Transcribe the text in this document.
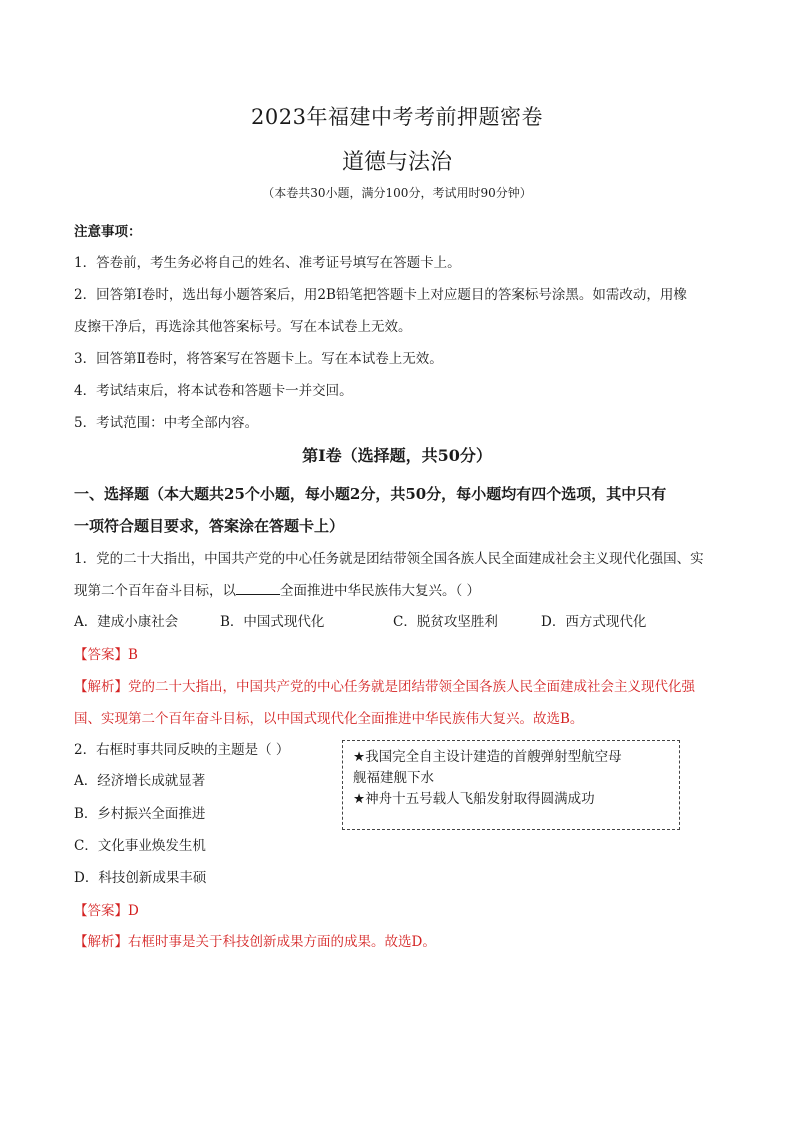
2023年福建中考考前押题密卷
道德与法治
（本卷共30小题，满分100分，考试用时90分钟）
注意事项：
1．答卷前，考生务必将自己的姓名、准考证号填写在答题卡上。
2．回答第Ⅰ卷时，选出每小题答案后，用2B铅笔把答题卡上对应题目的答案标号涂黑。如需改动，用橡
皮擦干净后，再选涂其他答案标号。写在本试卷上无效。
3．回答第Ⅱ卷时，将答案写在答题卡上。写在本试卷上无效。
4．考试结束后，将本试卷和答题卡一并交回。
5．考试范围：中考全部内容。
第Ⅰ卷（选择题，共50分）
一、选择题（本大题共25个小题，每小题2分，共50分，每小题均有四个选项，其中只有
一项符合题目要求，答案涂在答题卡上）
1．党的二十大指出，中国共产党的中心任务就是团结带领全国各族人民全面建成社会主义现代化强国、实
现第二个百年奋斗目标，以	全面推进中华民族伟大复兴。（ ）
A．建成小康社会	B．中国式现代化	C．脱贫攻坚胜利	D．西方式现代化
【答案】B
【解析】党的二十大指出，中国共产党的中心任务就是团结带领全国各族人民全面建成社会主义现代化强
国、实现第二个百年奋斗目标，以中国式现代化全面推进中华民族伟大复兴。故选B。
2．右框时事共同反映的主题是（ ）
A．经济增长成就显著
B．乡村振兴全面推进
C．文化事业焕发生机
D．科技创新成果丰硕
★我国完全自主设计建造的首艘弹射型航空母
舰福建舰下水
★神舟十五号载人飞船发射取得圆满成功
【答案】D
【解析】右框时事是关于科技创新成果方面的成果。故选D。
